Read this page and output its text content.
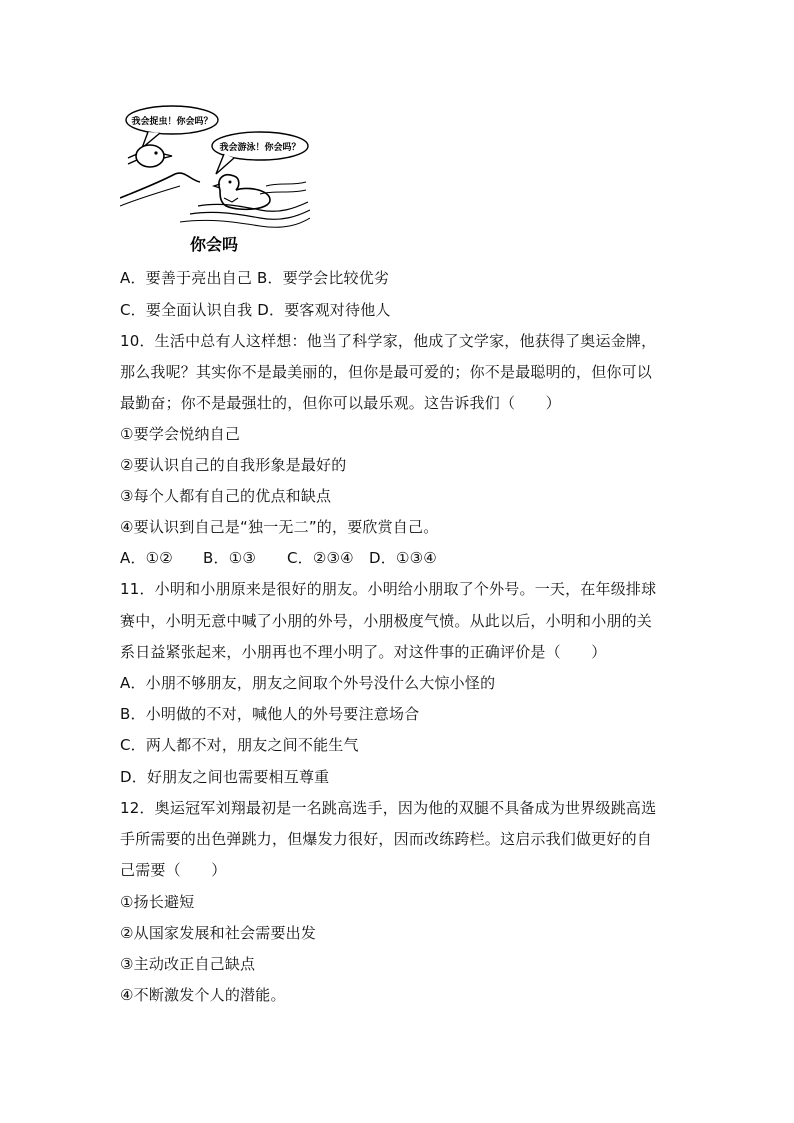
我会捉虫！你会吗？
我会游泳！你会吗？
你会吗
A．要善于亮出自己 B．要学会比较优劣
C．要全面认识自我 D．要客观对待他人
10．生活中总有人这样想：他当了科学家，他成了文学家，他获得了奥运金牌，
那么我呢？其实你不是最美丽的，但你是最可爱的；你不是最聪明的，但你可以
最勤奋；你不是最强壮的，但你可以最乐观。这告诉我们（　　）
①要学会悦纳自己
②要认识自己的自我形象是最好的
③每个人都有自己的优点和缺点
④要认识到自己是“独一无二”的，要欣赏自己。
A．①② B．①③ C．②③④ D．①③④
11．小明和小朋原来是很好的朋友。小明给小朋取了个外号。一天，在年级排球
赛中，小明无意中喊了小朋的外号，小朋极度气愤。从此以后，小明和小朋的关
系日益紧张起来，小朋再也不理小明了。对这件事的正确评价是（　　）
A．小朋不够朋友，朋友之间取个外号没什么大惊小怪的
B．小明做的不对，喊他人的外号要注意场合
C．两人都不对，朋友之间不能生气
D．好朋友之间也需要相互尊重
12．奥运冠军刘翔最初是一名跳高选手，因为他的双腿不具备成为世界级跳高选
手所需要的出色弹跳力，但爆发力很好，因而改练跨栏。这启示我们做更好的自
己需要（　　）
①扬长避短
②从国家发展和社会需要出发
③主动改正自己缺点
④不断激发个人的潜能。
